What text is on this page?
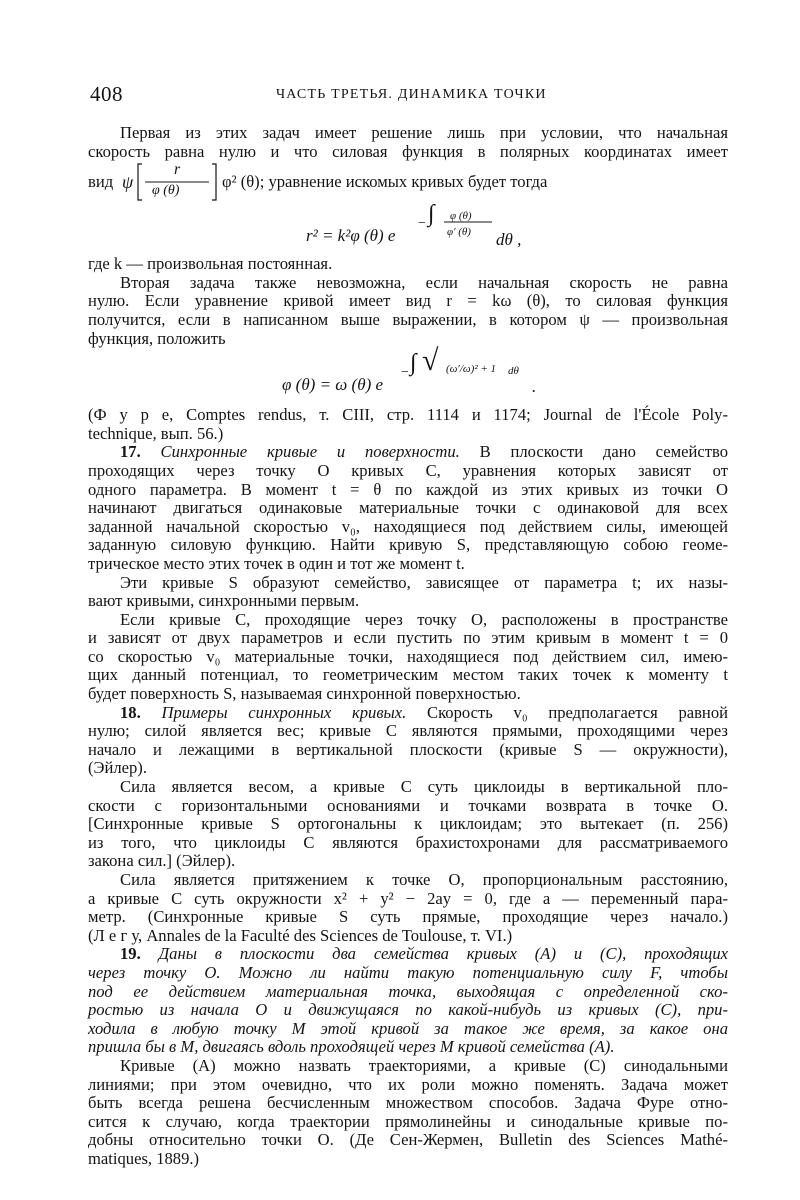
408	ЧАСТЬ ТРЕТЬЯ. ДИНАМИКА ТОЧКИ
Первая из этих задач имеет решение лишь при условии, что начальная
скорость равна нулю и что силовая функция в полярных координатах имеет
вид ψ
r
φ (θ)	φ² (θ); уравнение искомых кривых будет тогда
r² = k²φ (θ) e
− ∫ φ (θ)
φ′ (θ) dθ ,
где k — произвольная постоянная.
Вторая задача также невозможна, если начальная скорость не равна
нулю. Если уравнение кривой имеет вид r = kω (θ), то силовая функция
получится, если в написанном выше выражении, в котором ψ — произвольная
функция, положить
φ (θ) = ω (θ) e
− ∫ √ (ω′/ω)² + 1 dθ
.
(Ф у р е, Comptes rendus, т. CIII, стр. 1114 и 1174; Journal de l'École Poly-
technique, вып. 56.)
17. Синхронные кривые и поверхности. В плоскости дано семейство
проходящих через точку O кривых C, уравнения которых зависят от
одного параметра. В момент t = θ по каждой из этих кривых из точки O
начинают двигаться одинаковые материальные точки с одинаковой для всех
заданной начальной скоростью v₀, находящиеся под действием силы, имеющей
заданную силовую функцию. Найти кривую S, представляющую собою геоме-
трическое место этих точек в один и тот же момент t.
Эти кривые S образуют семейство, зависящее от параметра t; их назы-
вают кривыми, синхронными первым.
Если кривые C, проходящие через точку O, расположены в пространстве
и зависят от двух параметров и если пустить по этим кривым в момент t = 0
со скоростью v₀ материальные точки, находящиеся под действием сил, имею-
щих данный потенциал, то геометрическим местом таких точек к моменту t
будет поверхность S, называемая синхронной поверхностью.
18. Примеры синхронных кривых. Скорость v₀ предполагается равной
нулю; силой является вес; кривые C являются прямыми, проходящими через
начало и лежащими в вертикальной плоскости (кривые S — окружности),
(Эйлер).
Сила является весом, а кривые C суть циклоиды в вертикальной пло-
скости с горизонтальными основаниями и точками возврата в точке O.
[Синхронные кривые S ортогональны к циклоидам; это вытекает (п. 256)
из того, что циклоиды C являются брахистохронами для рассматриваемого
закона сил.] (Эйлер).
Сила является притяжением к точке O, пропорциональным расстоянию,
а кривые C суть окружности x² + y² − 2ay = 0, где a — переменный пара-
метр. (Синхронные кривые S суть прямые, проходящие через начало.)
(Л е г у, Annales de la Faculté des Sciences de Toulouse, т. VI.)
19. Даны в плоскости два семейства кривых (A) и (C), проходящих
через точку O. Можно ли найти такую потенциальную силу F, чтобы
под ее действием материальная точка, выходящая с определенной ско-
ростью из начала O и движущаяся по какой-нибудь из кривых (C), при-
ходила в любую точку M этой кривой за такое же время, за какое она
пришла бы в M, двигаясь вдоль проходящей через M кривой семейства (A).
Кривые (A) можно назвать траекториями, а кривые (C) синодальными
линиями; при этом очевидно, что их роли можно поменять. Задача может
быть всегда решена бесчисленным множеством способов. Задача Фуре отно-
сится к случаю, когда траектории прямолинейны и синодальные кривые по-
добны относительно точки O. (Де Сен-Жермен, Bulletin des Sciences Mathé-
matiques, 1889.)
